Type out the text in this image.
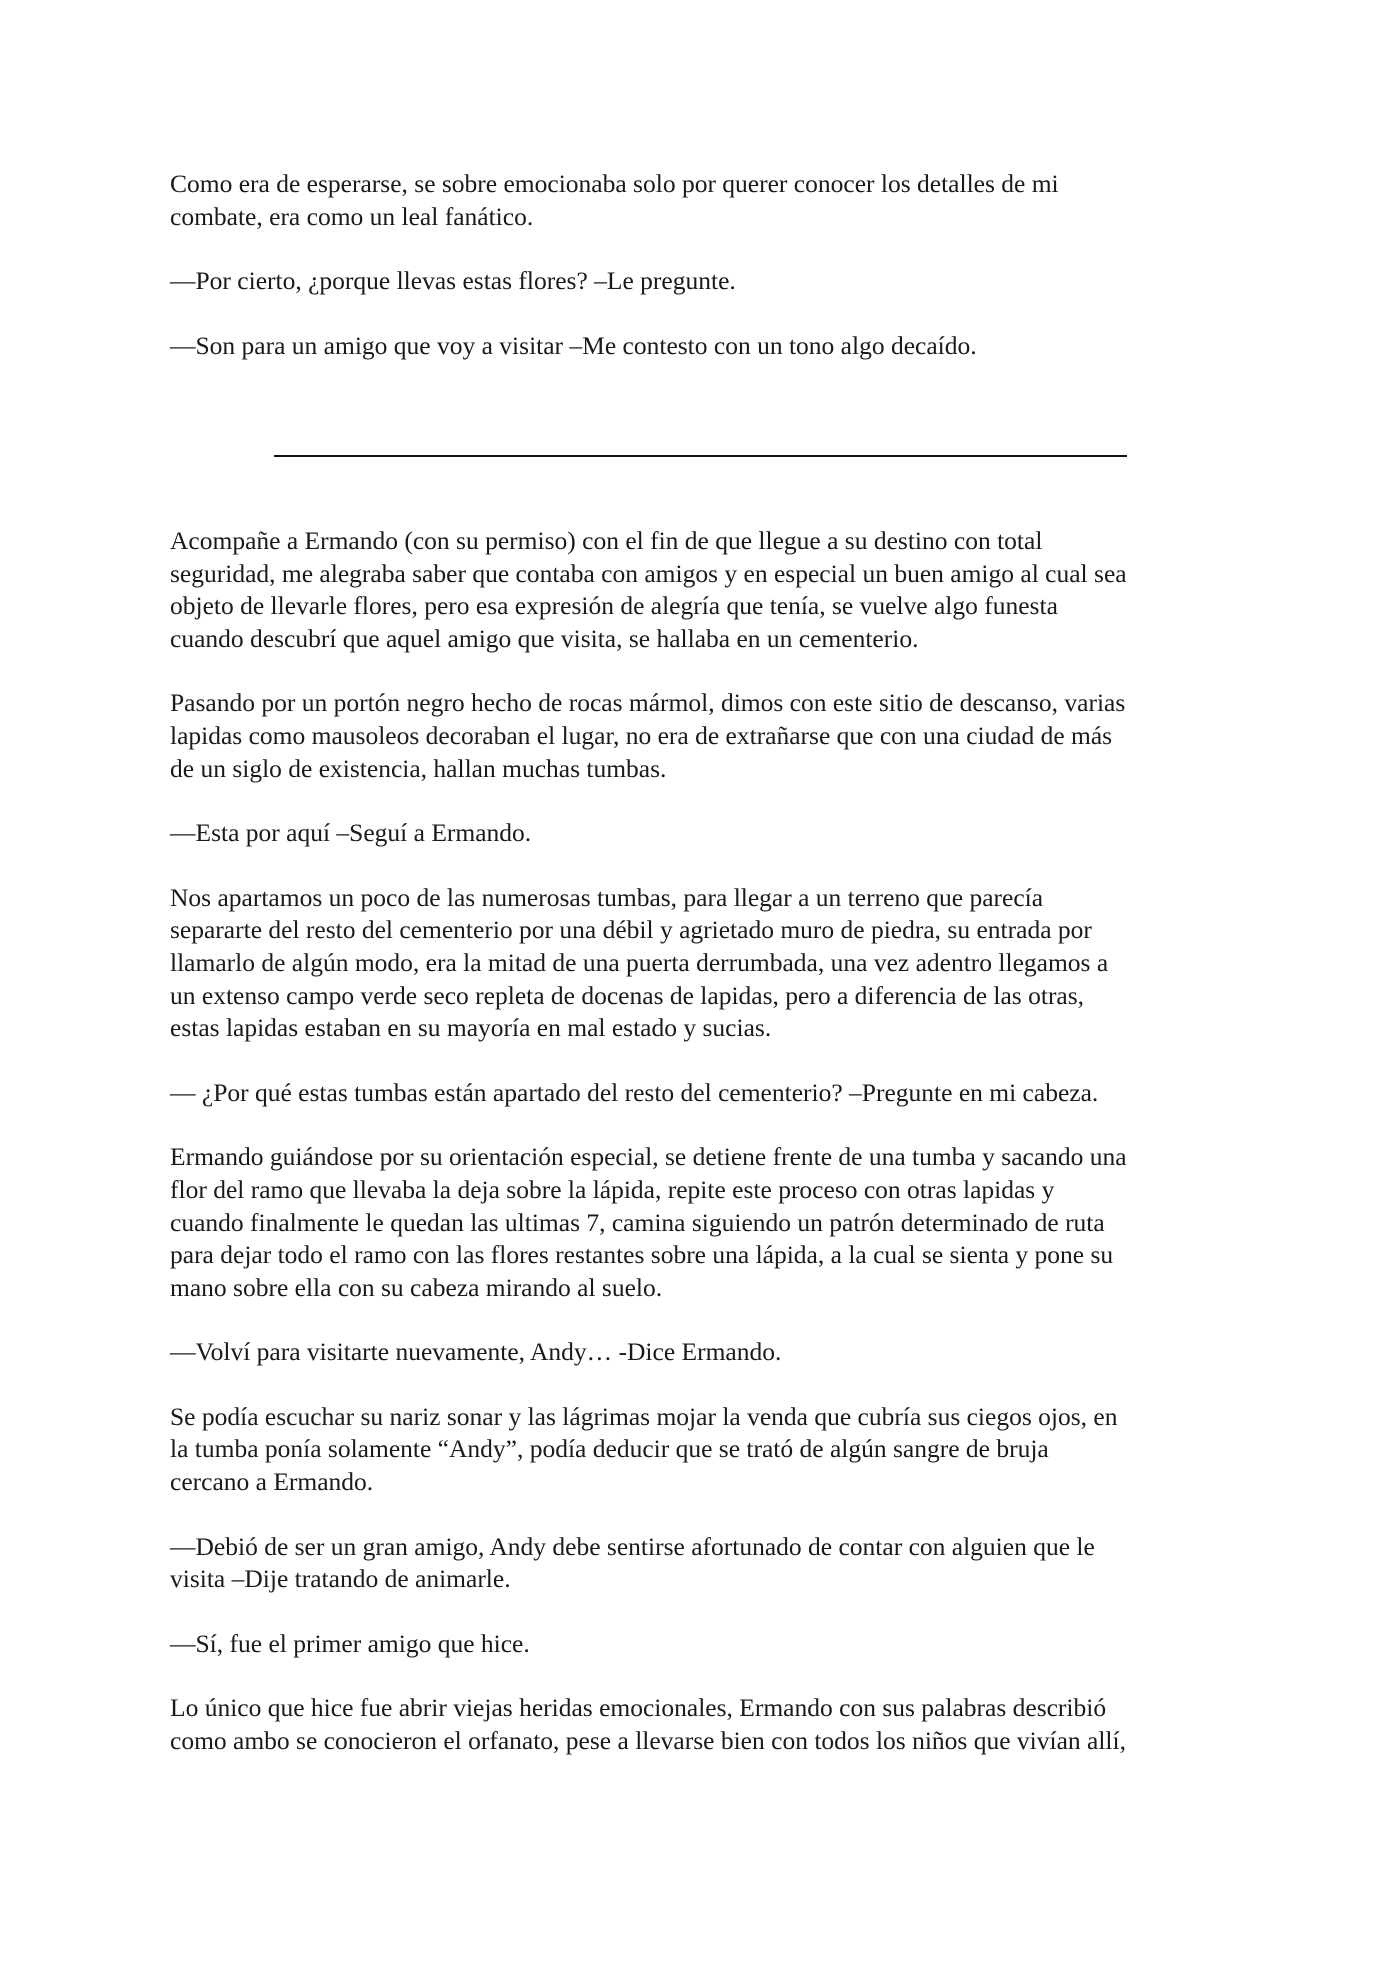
Como era de esperarse, se sobre emocionaba solo por querer conocer los detalles de mi
combate, era como un leal fanático.
—Por cierto, ¿porque llevas estas flores? –Le pregunte.
—Son para un amigo que voy a visitar –Me contesto con un tono algo decaído.
Acompañe a Ermando (con su permiso) con el fin de que llegue a su destino con total
seguridad, me alegraba saber que contaba con amigos y en especial un buen amigo al cual sea
objeto de llevarle flores, pero esa expresión de alegría que tenía, se vuelve algo funesta
cuando descubrí que aquel amigo que visita, se hallaba en un cementerio.
Pasando por un portón negro hecho de rocas mármol, dimos con este sitio de descanso, varias
lapidas como mausoleos decoraban el lugar, no era de extrañarse que con una ciudad de más
de un siglo de existencia, hallan muchas tumbas.
—Esta por aquí –Seguí a Ermando.
Nos apartamos un poco de las numerosas tumbas, para llegar a un terreno que parecía
separarte del resto del cementerio por una débil y agrietado muro de piedra, su entrada por
llamarlo de algún modo, era la mitad de una puerta derrumbada, una vez adentro llegamos a
un extenso campo verde seco repleta de docenas de lapidas, pero a diferencia de las otras,
estas lapidas estaban en su mayoría en mal estado y sucias.
— ¿Por qué estas tumbas están apartado del resto del cementerio? –Pregunte en mi cabeza.
Ermando guiándose por su orientación especial, se detiene frente de una tumba y sacando una
flor del ramo que llevaba la deja sobre la lápida, repite este proceso con otras lapidas y
cuando finalmente le quedan las ultimas 7, camina siguiendo un patrón determinado de ruta
para dejar todo el ramo con las flores restantes sobre una lápida, a la cual se sienta y pone su
mano sobre ella con su cabeza mirando al suelo.
—Volví para visitarte nuevamente, Andy… -Dice Ermando.
Se podía escuchar su nariz sonar y las lágrimas mojar la venda que cubría sus ciegos ojos, en
la tumba ponía solamente “Andy”, podía deducir que se trató de algún sangre de bruja
cercano a Ermando.
—Debió de ser un gran amigo, Andy debe sentirse afortunado de contar con alguien que le
visita –Dije tratando de animarle.
—Sí, fue el primer amigo que hice.
Lo único que hice fue abrir viejas heridas emocionales, Ermando con sus palabras describió
como ambo se conocieron el orfanato, pese a llevarse bien con todos los niños que vivían allí,
